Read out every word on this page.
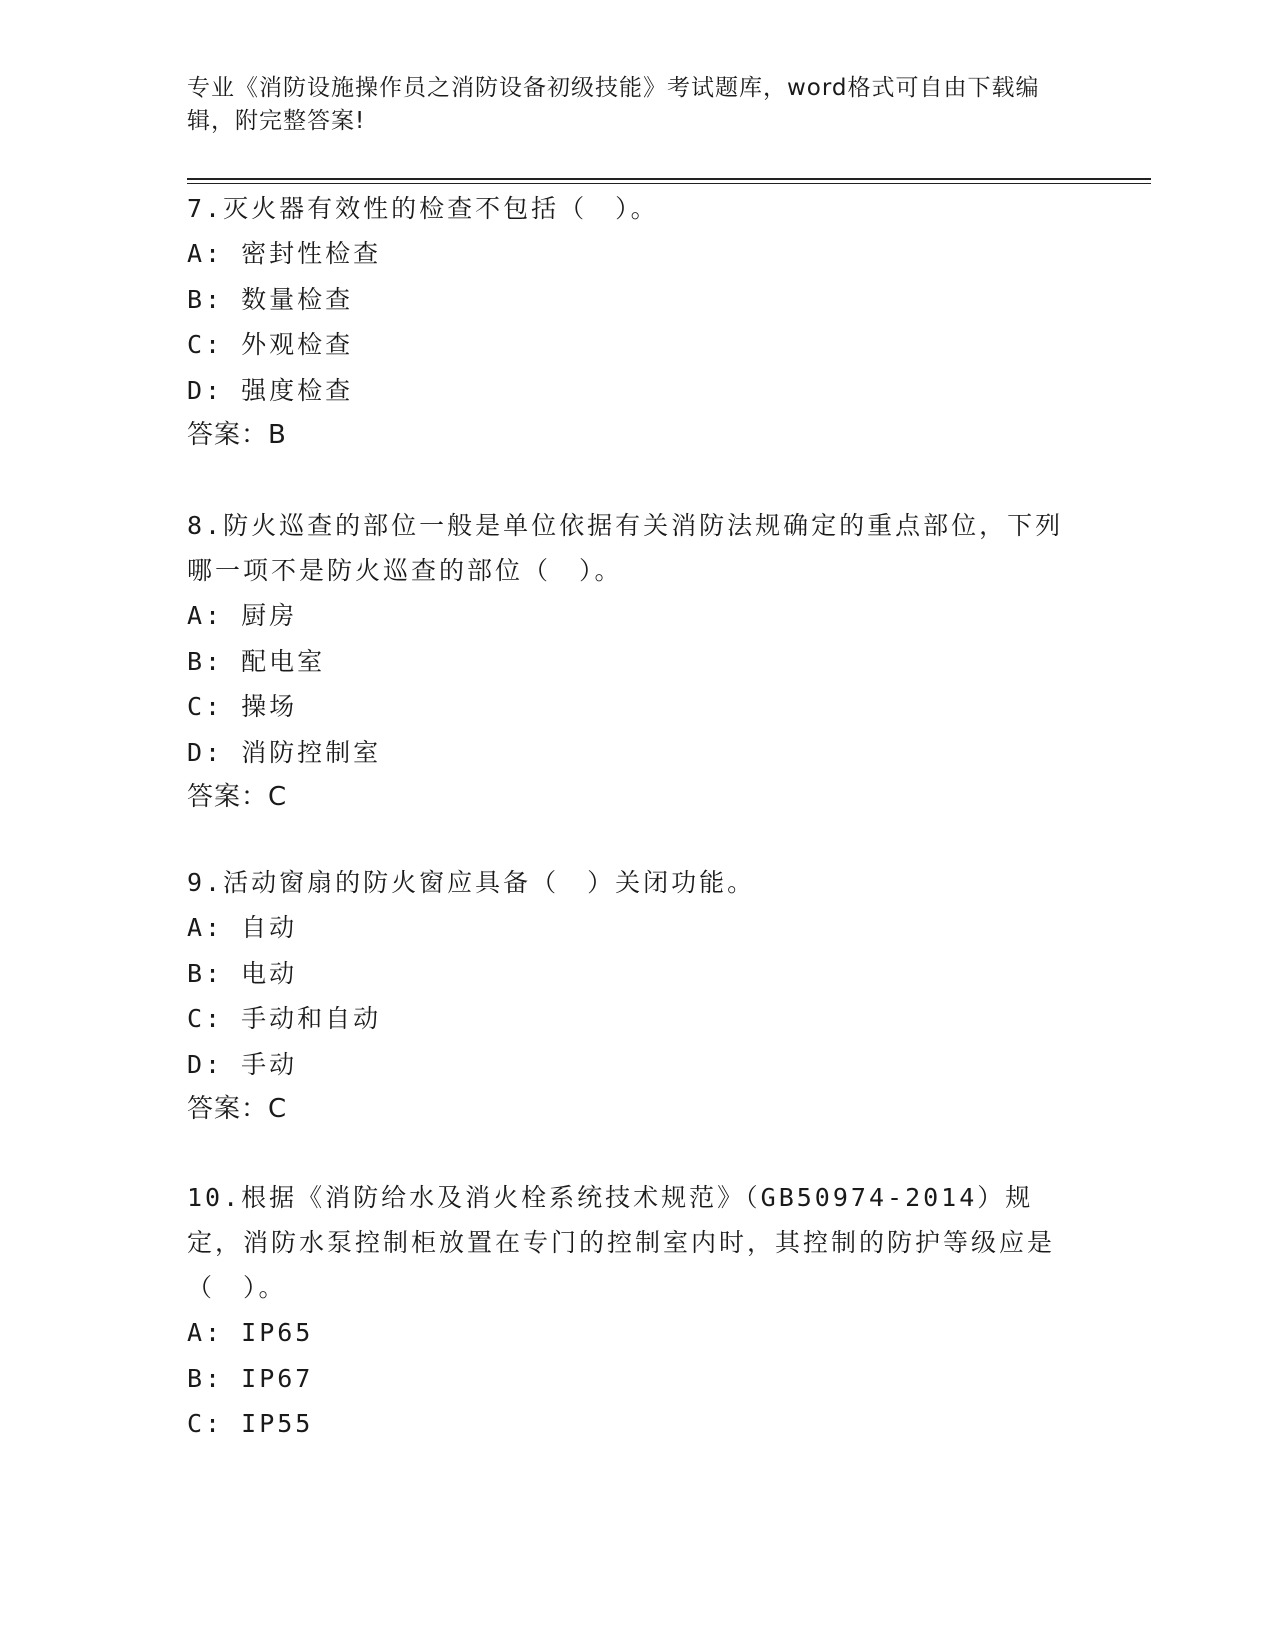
专业《消防设施操作员之消防设备初级技能》考试题库，word格式可自由下载编辑，附完整答案!

7.灭火器有效性的检查不包括（　）。

A: 密封性检查

B: 数量检查

C: 外观检查

D: 强度检查

答案：B

8.防火巡查的部位一般是单位依据有关消防法规确定的重点部位，下列哪一项不是防火巡查的部位（　）。

A: 厨房

B: 配电室

C: 操场

D: 消防控制室

答案：C

9.活动窗扇的防火窗应具备（　）关闭功能。

A: 自动

B: 电动

C: 手动和自动

D: 手动

答案：C

10.根据《消防给水及消火栓系统技术规范》（GB50974-2014）规定，消防水泵控制柜放置在专门的控制室内时，其控制的防护等级应是（　）。

A: IP65

B: IP67

C: IP55
